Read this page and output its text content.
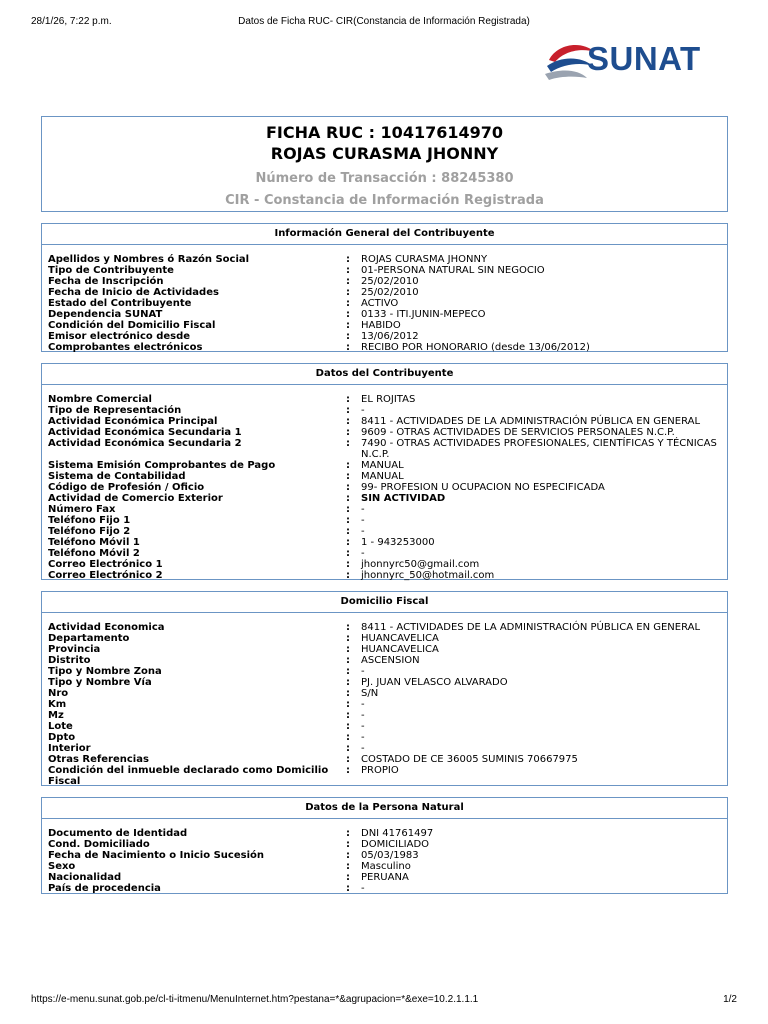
28/1/26, 7:22 p.m.	Datos de Ficha RUC- CIR(Constancia de Información Registrada)
SUNAT
FICHA RUC : 10417614970
ROJAS CURASMA JHONNY
Número de Transacción : 88245380
CIR - Constancia de Información Registrada
Información General del Contribuyente
Apellidos y Nombres ó Razón Social	:	ROJAS CURASMA JHONNY
Tipo de Contribuyente	:	01-PERSONA NATURAL SIN NEGOCIO
Fecha de Inscripción	:	25/02/2010
Fecha de Inicio de Actividades	:	25/02/2010
Estado del Contribuyente	:	ACTIVO
Dependencia SUNAT	:	0133 - ITI.JUNIN-MEPECO
Condición del Domicilio Fiscal	:	HABIDO
Emisor electrónico desde	:	13/06/2012
Comprobantes electrónicos	:	RECIBO POR HONORARIO (desde 13/06/2012)
Datos del Contribuyente
Nombre Comercial	:	EL ROJITAS
Tipo de Representación	:	-
Actividad Económica Principal	:	8411 - ACTIVIDADES DE LA ADMINISTRACIÓN PÚBLICA EN GENERAL
Actividad Económica Secundaria 1	:	9609 - OTRAS ACTIVIDADES DE SERVICIOS PERSONALES N.C.P.
Actividad Económica Secundaria 2	:	7490 - OTRAS ACTIVIDADES PROFESIONALES, CIENTÍFICAS Y TÉCNICAS N.C.P.
Sistema Emisión Comprobantes de Pago	:	MANUAL
Sistema de Contabilidad	:	MANUAL
Código de Profesión / Oficio	:	99- PROFESION U OCUPACION NO ESPECIFICADA
Actividad de Comercio Exterior	:	SIN ACTIVIDAD
Número Fax	:	-
Teléfono Fijo 1	:	-
Teléfono Fijo 2	:	-
Teléfono Móvil 1	:	1 - 943253000
Teléfono Móvil 2	:	-
Correo Electrónico 1	:	jhonnyrc50@gmail.com
Correo Electrónico 2	:	jhonnyrc_50@hotmail.com
Domicilio Fiscal
Actividad Economica	:	8411 - ACTIVIDADES DE LA ADMINISTRACIÓN PÚBLICA EN GENERAL
Departamento	:	HUANCAVELICA
Provincia	:	HUANCAVELICA
Distrito	:	ASCENSION
Tipo y Nombre Zona	:	-
Tipo y Nombre Vía	:	PJ. JUAN VELASCO ALVARADO
Nro	:	S/N
Km	:	-
Mz	:	-
Lote	:	-
Dpto	:	-
Interior	:	-
Otras Referencias	:	COSTADO DE CE 36005 SUMINIS 70667975
Condición del inmueble declarado como Domicilio Fiscal
:	PROPIO
Datos de la Persona Natural
Documento de Identidad	:	DNI 41761497
Cond. Domiciliado	:	DOMICILIADO
Fecha de Nacimiento o Inicio Sucesión	:	05/03/1983
Sexo	:	Masculino
Nacionalidad	:	PERUANA
País de procedencia	:	-
https://e-menu.sunat.gob.pe/cl-ti-itmenu/MenuInternet.htm?pestana=*&agrupacion=*&exe=10.2.1.1.1	1/2
